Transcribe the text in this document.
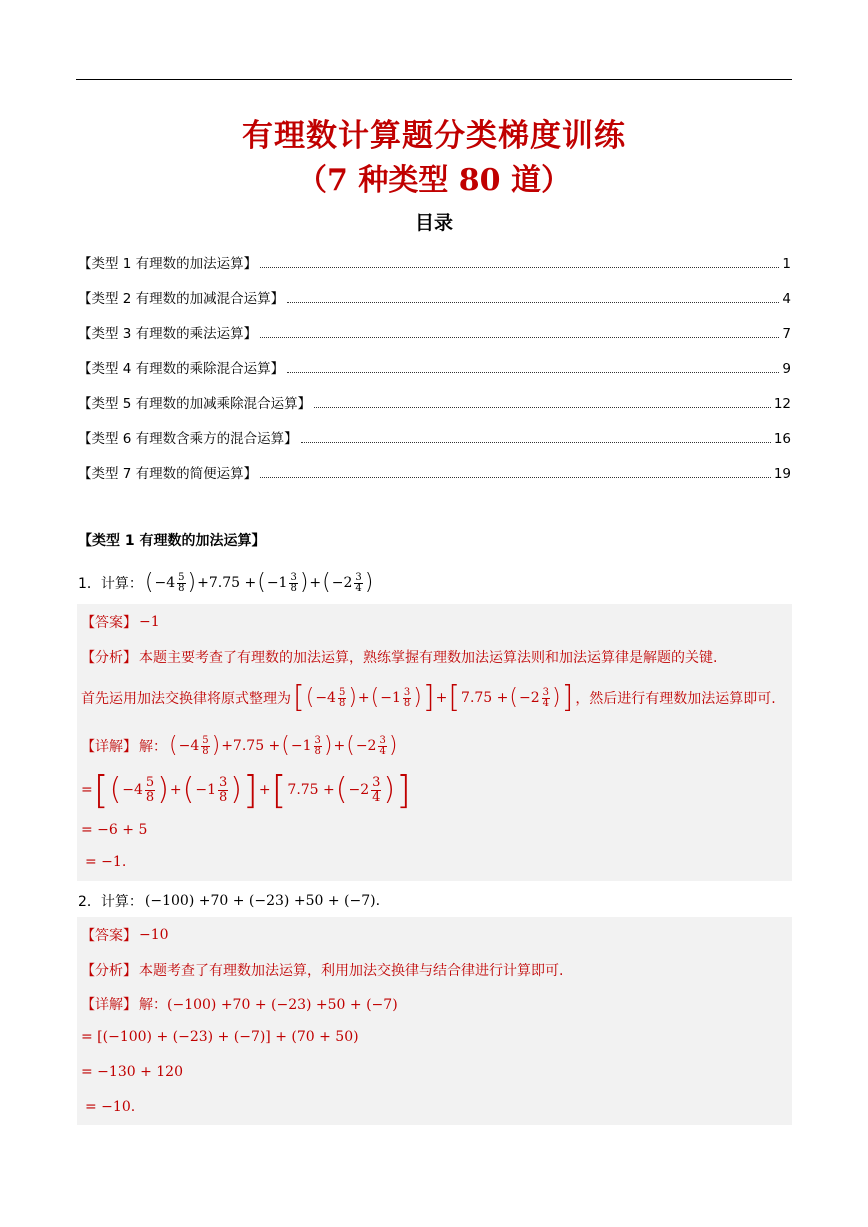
有理数计算题分类梯度训练
（7 种类型 80 道）
目录
【类型 1 有理数的加法运算】	1
【类型 2 有理数的加减混合运算】	4
【类型 3 有理数的乘法运算】	7
【类型 4 有理数的乘除混合运算】	9
【类型 5 有理数的加减乘除混合运算】	12
【类型 6 有理数含乘方的混合运算】	16
【类型 7 有理数的简便运算】	19
【类型 1 有理数的加法运算】
1．计算： ( $-4 \frac{5}{8}$ ) +7.75 + ( $-1 \frac{3}{8}$ ) + ( $-2 \frac{3}{4}$ )
【答案】 −1
【分析】 本题主要考查了有理数的加法运算，熟练掌握有理数加法运算法则和加法运算律是解题的关键.
首先运用加法交换律将原式整理为 [ ( $-4 \frac{5}{8}$ ) + ( $-1 \frac{3}{8}$ ) ] + [ 7.75 + ( $-2 \frac{3}{4}$ ) ] ，然后进行有理数加法运算即可.
【详解】 解： ( $-4 \frac{5}{8}$ ) +7.75 + ( $-1 \frac{3}{8}$ ) + ( $-2 \frac{3}{4}$ )
= [ ( $-4 \frac{5}{8}$ ) + ( $-1 \frac{3}{8}$ ) ] + [ 7.75 + ( $-2 \frac{3}{4}$ ) ]
= −6 + 5
= −1.
2．计算： (−100) +70 + (−23) +50 + (−7).
【答案】 −10
【分析】 本题考查了有理数加法运算，利用加法交换律与结合律进行计算即可.
【详解】 解：(−100) +70 + (−23) +50 + (−7)
= [(−100) + (−23) + (−7)] + (70 + 50)
= −130 + 120
= −10.
